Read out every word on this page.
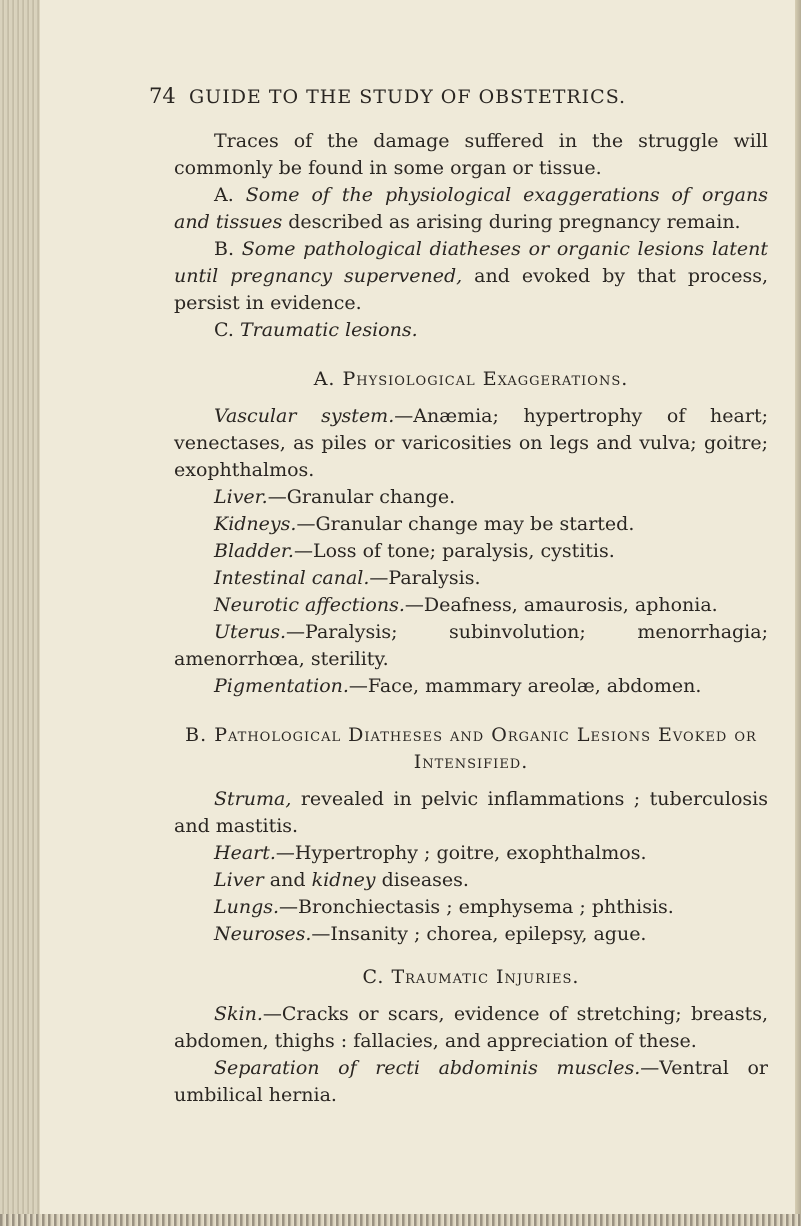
74 GUIDE TO THE STUDY OF OBSTETRICS.

Traces of the damage suffered in the struggle will commonly be found in some organ or tissue.

A. Some of the physiological exaggerations of organs and tissues described as arising during pregnancy remain.

B. Some pathological diatheses or organic lesions latent until pregnancy supervened, and evoked by that process, persist in evidence.

C. Traumatic lesions.

A. Physiological Exaggerations.

Vascular system.—Anæmia; hypertrophy of heart; venectases, as piles or varicosities on legs and vulva; goitre; exophthalmos.

Liver.—Granular change.

Kidneys.—Granular change may be started.

Bladder.—Loss of tone; paralysis, cystitis.

Intestinal canal.—Paralysis.

Neurotic affections.—Deafness, amaurosis, aphonia.

Uterus.—Paralysis; subinvolution; menorrhagia; amenorrhœa, sterility.

Pigmentation.—Face, mammary areolæ, abdomen.

B. Pathological Diatheses and Organic Lesions Evoked or Intensified.

Struma, revealed in pelvic inflammations ; tuberculosis and mastitis.

Heart.—Hypertrophy ; goitre, exophthalmos.

Liver and kidney diseases.

Lungs.—Bronchiectasis ; emphysema ; phthisis.

Neuroses.—Insanity ; chorea, epilepsy, ague.

C. Traumatic Injuries.

Skin.—Cracks or scars, evidence of stretching; breasts, abdomen, thighs : fallacies, and appreciation of these.

Separation of recti abdominis muscles.—Ventral or umbilical hernia.
